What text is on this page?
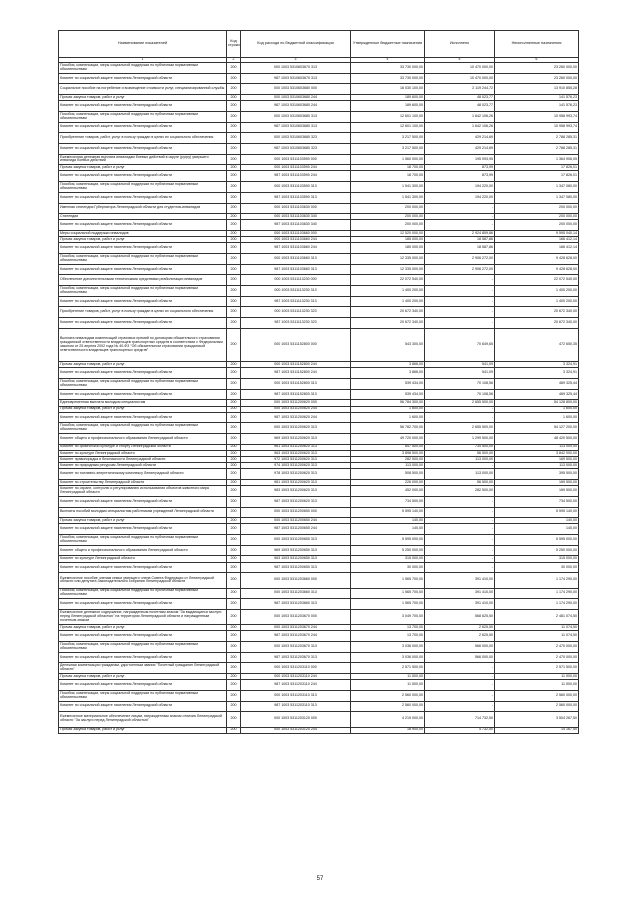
Наименование показателей	Код строки	Код расхода по бюджетной классификации	Утвержденные бюджетные назначения	Исполнено	Неисполненные назначения
1	2	3	4	5	6
Пособия, компенсации, меры социальной поддержки по публичным нормативным обязательствам	200	000 1003 5310603670 313	33 730 000,00	10 470 000,00	23 260 000,00
Комитет по социальной защите населения Ленинградской области	200	987 1003 5310603670 313	33 730 000,00	10 470 000,00	23 260 000,00
Социальное пособие на погребение и возмещение стоимости услуг, специализированной службы	200	000 1003 5310603680 000	16 030 100,00	2 119 244,72	13 910 855,28
Прочая закупка товаров, работ и услуг	200	000 1003 5310603680 244	189 600,00	48 023,77	141 576,23
Комитет по социальной защите населения Ленинградской области	200	987 1003 5310603680 244	189 600,00	48 023,77	141 576,23
Пособия, компенсации, меры социальной поддержки по публичным нормативным обязательствам	200	000 1003 5310603680 313	12 601 100,00	1 642 106,26	10 958 993,74
Комитет по социальной защите населения Ленинградской области	200	987 1003 5310603680 313	12 601 100,00	1 642 106,26	10 958 993,74
Приобретение товаров, работ, услуг в пользу граждан в целях их социального обеспечения	200	000 1003 5310603680 323	3 217 500,00	429 214,69	2 788 285,31
Комитет по социальной защите населения Ленинградской области	200	987 1003 5310603680 323	3 217 500,00	429 214,69	2 788 285,31
Ежемесячная денежная выплата инвалидам боевых действий в округе (ругру) умершего инвалида боевых действий	200	000 1003 5311103590 000	1 560 000,00	195 093,95	1 364 906,05
Прочая закупка товаров, работ и услуг	200	000 1003 5311103590 244	18 700,00	873,99	17 826,01
Комитет по социальной защите населения Ленинградской области	200	987 1003 5311103590 244	18 700,00	873,99	17 826,01
Пособия, компенсации, меры социальной поддержки по публичным нормативным обязательствам	200	000 1003 5311103590 313	1 541 300,00	194 220,00	1 347 080,00
Комитет по социальной защите населения Ленинградской области	200	987 1003 5311103590 313	1 541 300,00	194 220,00	1 347 080,00
Именная стипендия Губернатора Ленинградской области для студентов-инвалидов	200	000 1003 5311103630 000	200 000,00	-	200 000,00
Стипендии	200	000 1003 5311103630 340	200 000,00	-	200 000,00
Комитет по социальной защите населения Ленинградской области	200	987 1003 5311103630 340	200 000,00	-	200 000,00
Меры социальной поддержки инвалидов	200	000 1003 5311103660 000	12 520 000,00	2 924 859,86	9 595 040,14
Прочая закупка товаров, работ и услуг	200	000 1003 5311103660 244	185 000,00	18 587,86	166 412,14
Комитет по социальной защите населения Ленинградской области	200	987 1003 5311103660 244	185 000,00	18 587,86	166 412,14
Пособия, компенсации, меры социальной поддержки по публичным нормативным обязательствам	200	000 1003 5311103660 313	12 335 000,00	2 906 272,00	9 428 628,00
Комитет по социальной защите населения Ленинградской области	200	987 1003 5311103660 313	12 335 000,00	2 906 272,00	9 428 628,00
Обеспечение дополнительными техническими средствами реабилитации инвалидов	200	000 1003 5311113230 000	22 072 540,00	-	22 072 540,00
Пособия, компенсации, меры социальной поддержки по публичным нормативным обязательствам	200	000 1003 5311113230 313	1 400 200,00	-	1 400 200,00
Комитет по социальной защите населения Ленинградской области	200	987 1003 5311113230 313	1 400 200,00	-	1 400 200,00
Приобретение товаров, работ, услуг в пользу граждан в целях их социального обеспечения	200	000 1003 5311113230 323	20 672 340,00	-	20 672 340,00
Комитет по социальной защите населения Ленинградской области	200	987 1003 5311113230 323	20 672 340,00	-	20 672 340,00
Выплата инвалидам компенсаций страховых премий по договорам обязательного страхования гражданской ответственности владельцев транспортных средств в соответствии с Федеральным законом от 25 апреля 2002 года № 40-ФЗ "Об обязательном страховании гражданской ответственности владельцев транспортных средств"	200	000 1003 5311152800 000	543 300,00	70 649,65	472 650,35
Прочая закупка товаров, работ и услуг	200	000 1003 5311152800 244	3 866,00	541,09	3 324,91
Комитет по социальной защите населения Ленинградской области	200	987 1003 5311152800 244	3 866,00	541,09	3 324,91
Пособия, компенсации, меры социальной поддержки по публичным нормативным обязательствам	200	000 1003 5311152800 313	539 434,00	70 108,56	469 325,44
Комитет по социальной защите населения Ленинградской области	200	987 1003 5311152800 313	539 434,00	70 108,56	469 325,44
Единовременная выплата молодым специалистам	200	000 1003 5311200620 000	56 784 300,00	2 655 500,00	54 128 800,00
Прочая закупка товаров, работ и услуг	200	000 1003 5311200620 244	1 600,00	-	1 600,00
Комитет по социальной защите населения Ленинградской области	200	987 1003 5311200620 244	1 600,00	-	1 600,00
Пособия, компенсации, меры социальной поддержки по публичным нормативным обязательствам	200	000 1003 5311200620 313	56 782 700,00	2 655 500,00	54 127 200,00
Комитет общего и профессионального образования Ленинградской области	200	969 1003 5311200620 313	49 720 000,00	1 299 500,00	48 420 500,00
Комитет по физической культуре и спорту Ленинградской области	200	961 1003 5311200620 313	847 500,00	734 500,00	113 000,00
Комитет по культуре Ленинградской области	200	963 1003 5311200620 313	3 898 500,00	56 500,00	3 842 000,00
Комитет правопорядка и безопасности Ленинградской области	200	972 1003 5311200620 313	282 500,00	113 000,00	169 500,00
Комитет по природным ресурсам Ленинградской области	200	974 1003 5311200620 313	113 000,00	-	113 000,00
Комитет по топливно-энергетическому комплексу Ленинградской области	200	978 1003 5311200620 313	508 500,00	113 000,00	395 500,00
Комитет по строительству Ленинградской области	200	981 1003 5311200620 313	226 000,00	56 500,00	169 500,00
Комитет по охране, контролю и регулированию использования объектов животного мира Ленинградской области	200	983 1003 5311200620 313	452 000,00	282 500,00	169 500,00
Комитет по социальной защите населения Ленинградской области	200	987 1003 5311200620 313	734 500,00	-	734 500,00
Выплаты пособий молодым специалистам работникам учреждений Ленинградской области	200	000 1003 5311200650 000	5 595 140,00	-	5 595 140,00
Прочая закупка товаров, работ и услуг	200	000 1003 5311200650 244	140,00	-	140,00
Комитет по социальной защите населения Ленинградской области	200	987 1003 5311200650 244	140,00	-	140,00
Пособия, компенсации, меры социальной поддержки по публичным нормативным обязательствам	200	000 1003 5311200650 313	5 595 000,00	-	5 595 000,00
Комитет общего и профессионального образования Ленинградской области	200	969 1003 5311200650 313	5 250 000,00	-	5 250 000,00
Комитет по культуре Ленинградской области	200	963 1003 5311200650 313	315 000,00	-	315 000,00
Комитет по социальной защите населения Ленинградской области	200	987 1003 5311200650 313	30 000,00	-	30 000,00
Ежемесячное пособие членам семьи умершего члена Совета Федерации от Ленинградской области или депутата Законодательного собрания Ленинградской области	200	000 1003 5311203660 000	1 565 700,00	391 410,00	1 174 290,00
Пособия, компенсации, меры социальной поддержки по публичным нормативным обязательствам	200	000 1003 5311203660 313	1 565 700,00	391 410,00	1 174 290,00
Комитет по социальной защите населения Ленинградской области	200	987 1003 5311203660 313	1 565 700,00	391 410,00	1 174 290,00
Ежемесячное денежное содержание, награжденным почетным знаком "За выдающиеся заслуги перед Ленинградской областью" на территории Ленинградской области и награжденным почетным знаком	200	000 1003 5311203670 000	3 049 700,00	568 625,50	2 481 074,50
Прочая закупка товаров, работ и услуг	200	000 1003 5311203670 244	13 700,00	2 625,50	11 074,50
Комитет по социальной защите населения Ленинградской области	200	987 1003 5311203670 244	13 700,00	2 625,50	11 074,50
Пособия, компенсации, меры социальной поддержки по публичным нормативным обязательствам	200	000 1003 5311203670 313	3 036 000,00	566 000,00	2 470 000,00
Комитет по социальной защите населения Ленинградской области	200	987 1003 5311203670 313	3 036 000,00	566 000,00	2 470 000,00
Денежная компенсация гражданам, удостоенным звания "Почетный гражданин Ленинградской области"	200	000 1003 5311203110 000	2 571 500,00	-	2 571 500,00
Прочая закупка товаров, работ и услуг	200	000 1003 5311203110 244	11 500,00	-	11 500,00
Комитет по социальной защите населения Ленинградской области	200	987 1003 5311203110 244	11 500,00	-	11 500,00
Пособия, компенсации, меры социальной поддержки по публичным нормативным обязательствам	200	000 1003 5311203110 313	2 560 000,00	-	2 560 000,00
Комитет по социальной защите населения Ленинградской области	200	987 1003 5311203110 313	2 560 000,00	-	2 560 000,00
Ежемесячное материальное обеспечение лицам, награжденным знаком отличия Ленинградской области "За заслуги перед Ленинградской областью"	200	000 1003 5311203120 000	4 219 000,00	714 732,50	3 504 267,50
Прочая закупка товаров, работ и услуг	200	000 1003 5311203120 244	18 900,00	4 732,50	14 167,50
57
